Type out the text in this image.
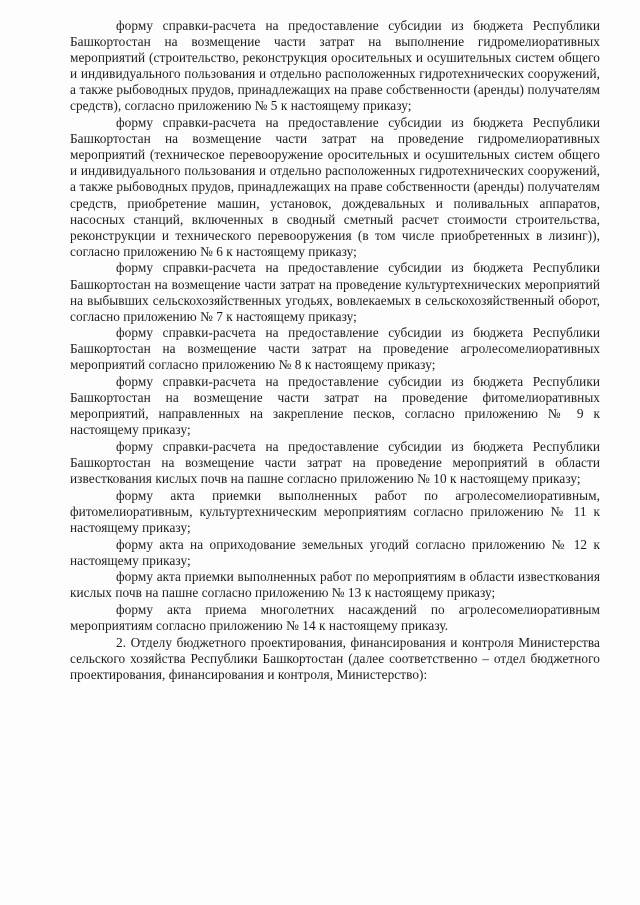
форму справки-расчета на предоставление субсидии из бюджета Республики Башкортостан на возмещение части затрат на выполнение гидромелиоративных мероприятий (строительство, реконструкция оросительных и осушительных систем общего и индивидуального пользования и отдельно расположенных гидротехнических сооружений, а также рыбоводных прудов, принадлежащих на праве собственности (аренды) получателям средств), согласно приложению № 5 к настоящему приказу;

форму справки-расчета на предоставление субсидии из бюджета Республики Башкортостан на возмещение части затрат на проведение гидромелиоративных мероприятий (техническое перевооружение оросительных и осушительных систем общего и индивидуального пользования и отдельно расположенных гидротехнических сооружений, а также рыбоводных прудов, принадлежащих на праве собственности (аренды) получателям средств, приобретение машин, установок, дождевальных и поливальных аппаратов, насосных станций, включенных в сводный сметный расчет стоимости строительства, реконструкции и технического перевооружения (в том числе приобретенных в лизинг)), согласно приложению № 6 к настоящему приказу;

форму справки-расчета на предоставление субсидии из бюджета Республики Башкортостан на возмещение части затрат на проведение культуртехнических мероприятий на выбывших сельскохозяйственных угодьях, вовлекаемых в сельскохозяйственный оборот, согласно приложению № 7 к настоящему приказу;

форму справки-расчета на предоставление субсидии из бюджета Республики Башкортостан на возмещение части затрат на проведение агролесомелиоративных мероприятий согласно приложению № 8 к настоящему приказу;

форму справки-расчета на предоставление субсидии из бюджета Республики Башкортостан на возмещение части затрат на проведение фитомелиоративных мероприятий, направленных на закрепление песков, согласно приложению № 9 к настоящему приказу;

форму справки-расчета на предоставление субсидии из бюджета Республики Башкортостан на возмещение части затрат на проведение мероприятий в области известкования кислых почв на пашне согласно приложению № 10 к настоящему приказу;

форму акта приемки выполненных работ по агролесомелиоративным, фитомелиоративным, культуртехническим мероприятиям согласно приложению № 11 к настоящему приказу;

форму акта на оприходование земельных угодий согласно приложению № 12 к настоящему приказу;

форму акта приемки выполненных работ по мероприятиям в области известкования кислых почв на пашне согласно приложению № 13 к настоящему приказу;

форму акта приема многолетних насаждений по агролесомелиоративным мероприятиям согласно приложению № 14 к настоящему приказу.

2. Отделу бюджетного проектирования, финансирования и контроля Министерства сельского хозяйства Республики Башкортостан (далее соответственно – отдел бюджетного проектирования, финансирования и контроля, Министерство):
